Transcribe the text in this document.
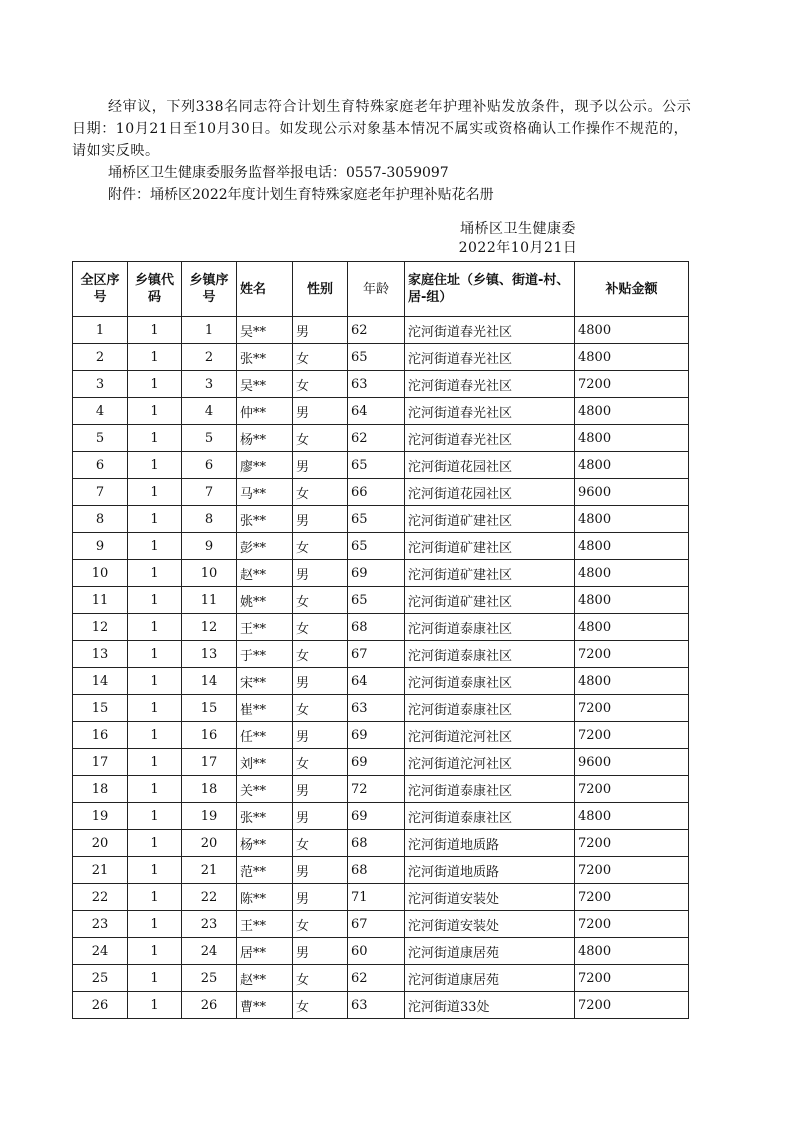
经审议，下列338名同志符合计划生育特殊家庭老年护理补贴发放条件，现予以公示。公示日期：10月21日至10月30日。如发现公示对象基本情况不属实或资格确认工作操作不规范的，请如实反映。

埇桥区卫生健康委服务监督举报电话：0557-3059097

附件：埇桥区2022年度计划生育特殊家庭老年护理补贴花名册

埇桥区卫生健康委
2022年10月21日
全区序号	乡镇代码	乡镇序号	姓名	性别	年龄	家庭住址（乡镇、街道-村、居-组）	补贴金额
1	1	1	吴**	男	62	沱河街道春光社区	4800
2	1	2	张**	女	65	沱河街道春光社区	4800
3	1	3	吴**	女	63	沱河街道春光社区	7200
4	1	4	仲**	男	64	沱河街道春光社区	4800
5	1	5	杨**	女	62	沱河街道春光社区	4800
6	1	6	廖**	男	65	沱河街道花园社区	4800
7	1	7	马**	女	66	沱河街道花园社区	9600
8	1	8	张**	男	65	沱河街道矿建社区	4800
9	1	9	彭**	女	65	沱河街道矿建社区	4800
10	1	10	赵**	男	69	沱河街道矿建社区	4800
11	1	11	姚**	女	65	沱河街道矿建社区	4800
12	1	12	王**	女	68	沱河街道泰康社区	4800
13	1	13	于**	女	67	沱河街道泰康社区	7200
14	1	14	宋**	男	64	沱河街道泰康社区	4800
15	1	15	崔**	女	63	沱河街道泰康社区	7200
16	1	16	任**	男	69	沱河街道沱河社区	7200
17	1	17	刘**	女	69	沱河街道沱河社区	9600
18	1	18	关**	男	72	沱河街道泰康社区	7200
19	1	19	张**	男	69	沱河街道泰康社区	4800
20	1	20	杨**	女	68	沱河街道地质路	7200
21	1	21	范**	男	68	沱河街道地质路	7200
22	1	22	陈**	男	71	沱河街道安装处	7200
23	1	23	王**	女	67	沱河街道安装处	7200
24	1	24	居**	男	60	沱河街道康居苑	4800
25	1	25	赵**	女	62	沱河街道康居苑	7200
26	1	26	曹**	女	63	沱河街道33处	7200
